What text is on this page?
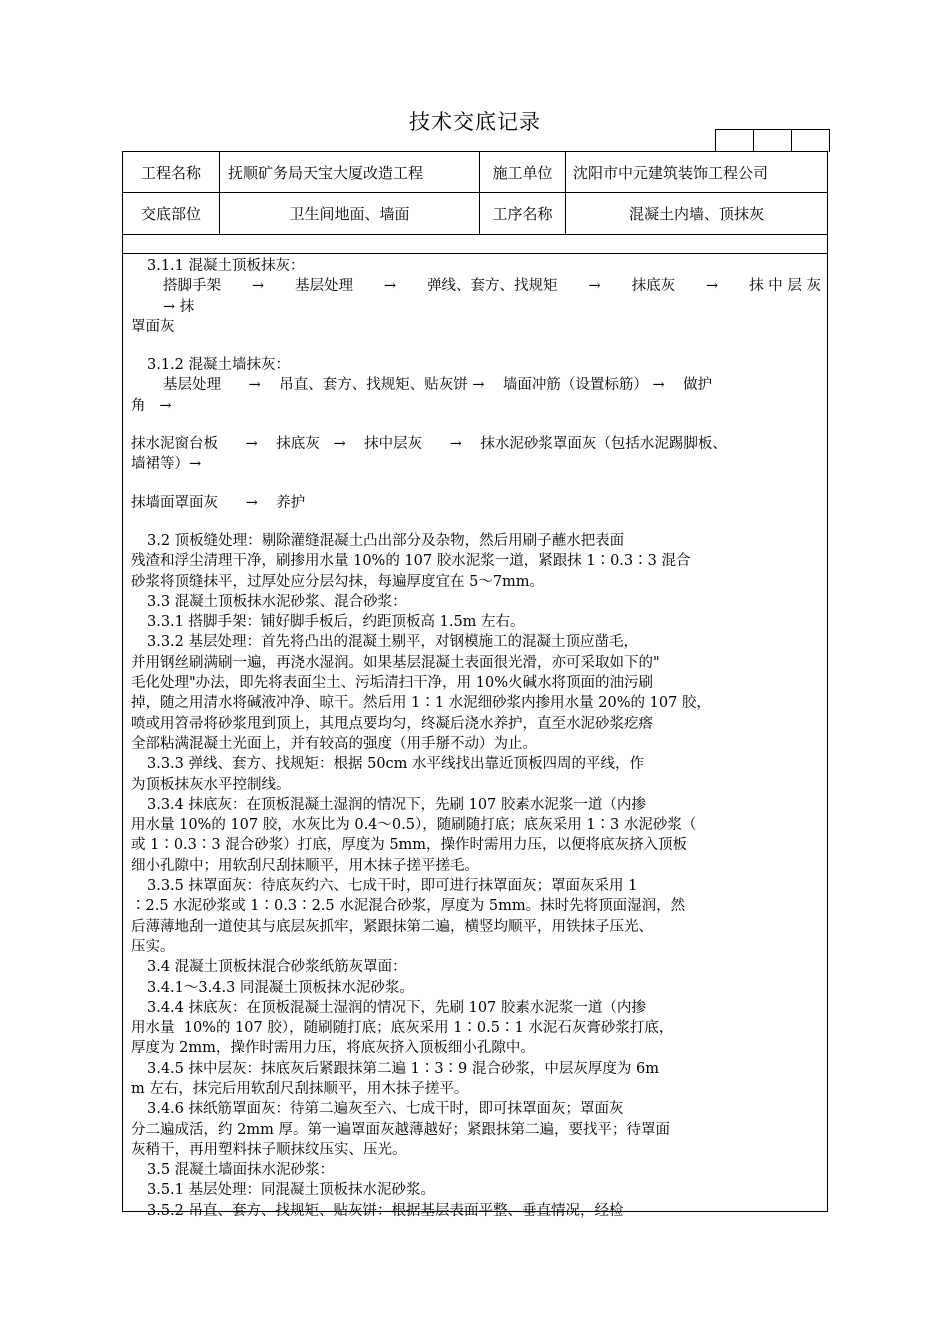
技术交底记录
工程名称	抚顺矿务局天宝大厦改造工程	施工单位	沈阳市中元建筑装饰工程公司
交底部位	卫生间地面、墙面	工序名称	混凝土内墙、顶抹灰

3.1.1 混凝土顶板抹灰：

搭脚手架 → 基层处理 → 弹线、套方、找规矩 → 抹底灰 → 抹 中 层 灰

→ 抹

罩面灰

3.1.2 混凝土墙抹灰：

基层处理      →    吊直、套方、找规矩、贴灰饼 →    墙面冲筋（设置标筋） →    做护

角   →

抹水泥窗台板      →    抹底灰   →    抹中层灰      →    抹水泥砂浆罩面灰（包括水泥踢脚板、

墙裙等）→

抹墙面罩面灰      →    养护

3.2 顶板缝处理：剔除灌缝混凝土凸出部分及杂物，然后用刷子蘸水把表面

残渣和浮尘清理干净，刷掺用水量 10%的 107 胶水泥浆一道，紧跟抹 1∶0.3∶3 混合

砂浆将顶缝抹平，过厚处应分层勾抹，每遍厚度宜在 5～7mm。

3.3 混凝土顶板抹水泥砂浆、混合砂浆：

3.3.1 搭脚手架：铺好脚手板后，约距顶板高 1.5m 左右。

3.3.2 基层处理：首先将凸出的混凝土剔平，对钢模施工的混凝土顶应凿毛，

并用钢丝刷满刷一遍，再浇水湿润。如果基层混凝土表面很光滑，亦可采取如下的"

毛化处理"办法，即先将表面尘土、污垢清扫干净，用 10%火碱水将顶面的油污刷

掉，随之用清水将碱液冲净、晾干。然后用 1∶1 水泥细砂浆内掺用水量 20%的 107 胶，

喷或用笤帚将砂浆甩到顶上，其甩点要均匀，终凝后浇水养护，直至水泥砂浆疙瘩

全部粘满混凝土光面上，并有较高的强度（用手掰不动）为止。

3.3.3 弹线、套方、找规矩：根据 50cm 水平线找出靠近顶板四周的平线，作

为顶板抹灰水平控制线。

3.3.4 抹底灰：在顶板混凝土湿润的情况下，先刷 107 胶素水泥浆一道（内掺

用水量 10%的 107 胶，水灰比为 0.4～0.5），随刷随打底；底灰采用 1∶3 水泥砂浆（

或 1∶0.3∶3 混合砂浆）打底，厚度为 5mm，操作时需用力压，以便将底灰挤入顶板

细小孔隙中；用软刮尺刮抹顺平，用木抹子搓平搓毛。

3.3.5 抹罩面灰：待底灰约六、七成干时，即可进行抹罩面灰；罩面灰采用 1

∶2.5 水泥砂浆或 1∶0.3∶2.5 水泥混合砂浆，厚度为 5mm。抹时先将顶面湿润，然

后薄薄地刮一道使其与底层灰抓牢，紧跟抹第二遍，横竖均顺平，用铁抹子压光、

压实。

3.4 混凝土顶板抹混合砂浆纸筋灰罩面：

3.4.1～3.4.3 同混凝土顶板抹水泥砂浆。

3.4.4 抹底灰：在顶板混凝土湿润的情况下，先刷 107 胶素水泥浆一道（内掺

用水量  10%的 107 胶），随刷随打底；底灰采用 1∶0.5∶1 水泥石灰膏砂浆打底，

厚度为 2mm，操作时需用力压，将底灰挤入顶板细小孔隙中。

3.4.5 抹中层灰：抹底灰后紧跟抹第二遍 1∶3∶9 混合砂浆，中层灰厚度为 6m

m 左右，抹完后用软刮尺刮抹顺平，用木抹子搓平。

3.4.6 抹纸筋罩面灰：待第二遍灰至六、七成干时，即可抹罩面灰；罩面灰

分二遍成活，约 2mm 厚。第一遍罩面灰越薄越好；紧跟抹第二遍，要找平；待罩面

灰稍干，再用塑料抹子顺抹纹压实、压光。

3.5 混凝土墙面抹水泥砂浆：

3.5.1 基层处理：同混凝土顶板抹水泥砂浆。

3.5.2 吊直、套方、找规矩、贴灰饼：根据基层表面平整、垂直情况，经检
